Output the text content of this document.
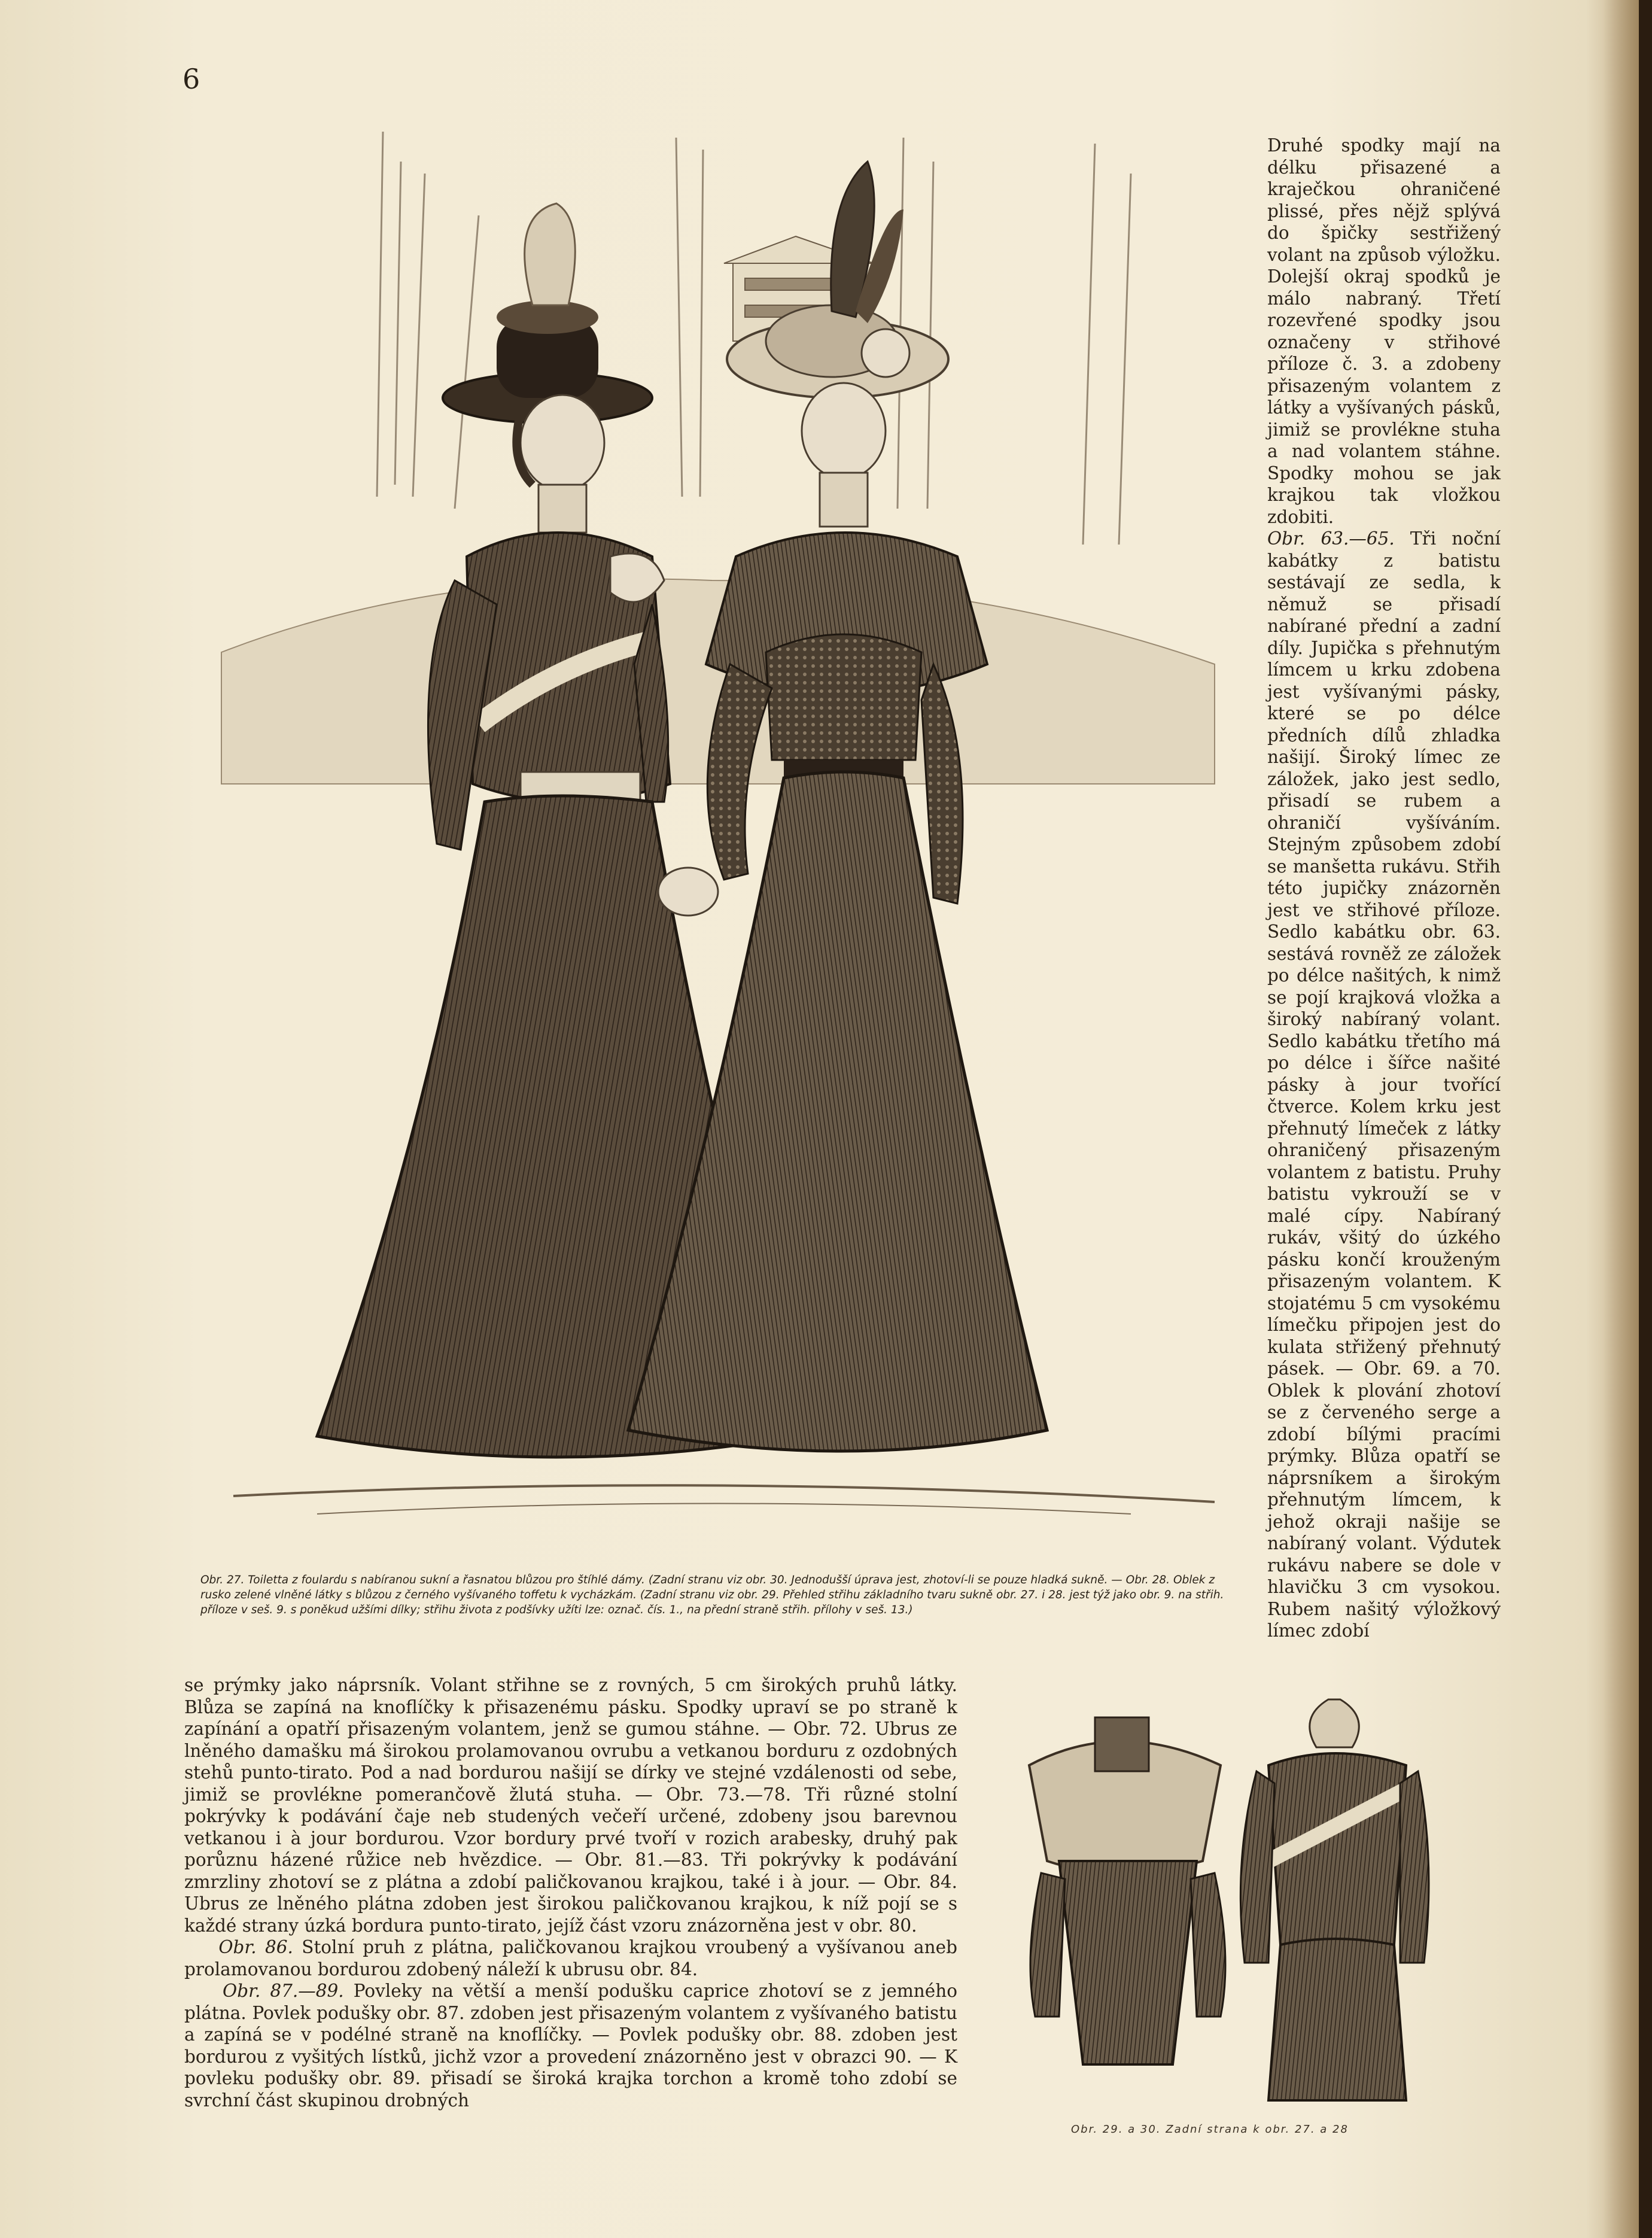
6
Obr. 27. Toiletta z foulardu s nabíranou sukní a řasnatou blůzou pro štíhlé dámy. (Zadní stranu viz obr. 30. Jednodušší úprava jest, zhotoví-li se pouze hladká sukně. — Obr. 28. Oblek z rusko zelené vlněné látky s blůzou z černého vyšívaného toffetu k vycházkám. (Zadní stranu viz obr. 29. Přehled střihu základního tvaru sukně obr. 27. i 28. jest týž jako obr. 9. na střih. příloze v seš. 9. s poněkud užšími dílky; střihu života z podšívky užíti lze: označ. čís. 1., na přední straně střih. přílohy v seš. 13.)

Druhé spodky mají na délku přisazené a kraječkou ohraničené plissé, přes nějž splývá do špičky sestřižený volant na způsob výložku. Dolejší okraj spodků je málo nabraný. Třetí rozevřené spodky jsou označeny v střihové příloze č. 3. a zdobeny přisazeným volantem z látky a vyšívaných pásků, jimiž se provlékne stuha a nad volantem stáhne. Spodky mohou se jak krajkou tak vložkou zdobiti.

Obr. 63.—65. Tři noční kabátky z batistu sestávají ze sedla, k němuž se přisadí nabírané přední a zadní díly. Jupička s přehnutým límcem u krku zdobena jest vyšívanými pásky, které se po délce předních dílů zhladka našijí. Široký límec ze záložek, jako jest sedlo, přisadí se rubem a ohraničí vyšíváním. Stejným způsobem zdobí se manšetta rukávu. Střih této jupičky znázorněn jest ve střihové příloze. Sedlo kabátku obr. 63. sestává rovněž ze záložek po délce našitých, k nimž se pojí krajková vložka a široký nabíraný volant. Sedlo kabátku třetího má po délce i šířce našité pásky à jour tvořící čtverce. Kolem krku jest přehnutý límeček z látky ohraničený přisazeným volantem z batistu. Pruhy batistu vykrouží se v malé cípy. Nabíraný rukáv, všitý do úzkého pásku končí krouženým přisazeným volantem. K stojatému 5 cm vysokému límečku připojen jest do kulata střižený přehnutý pásek. — Obr. 69. a 70. Oblek k plování zhotoví se z červeného serge a zdobí bílými pracími prýmky. Blůza opatří se náprsníkem a širokým přehnutým límcem, k jehož okraji našije se nabíraný volant. Výdutek rukávu nabere se dole v hlavičku 3 cm vysokou. Rubem našitý výložkový límec zdobí

se prýmky jako náprsník. Volant střihne se z rovných, 5 cm širokých pruhů látky. Blůza se zapíná na knoflíčky k přisazenému pásku. Spodky upraví se po straně k zapínání a opatří přisazeným volantem, jenž se gumou stáhne. — Obr. 72. Ubrus ze lněného damašku má širokou prolamovanou ovrubu a vetkanou borduru z ozdobných stehů punto-tirato. Pod a nad bordurou našijí se dírky ve stejné vzdálenosti od sebe, jimiž se provlékne pomerančově žlutá stuha. — Obr. 73.—78. Tři různé stolní pokrývky k podávání čaje neb studených večeří určené, zdobeny jsou barevnou vetkanou i à jour bordurou. Vzor bordury prvé tvoří v rozich arabesky, druhý pak porůznu házené růžice neb hvězdice. — Obr. 81.—83. Tři pokrývky k podávání zmrzliny zhotoví se z plátna a zdobí paličkovanou krajkou, také i à jour. — Obr. 84. Ubrus ze lněného plátna zdoben jest širokou paličkovanou krajkou, k níž pojí se s každé strany úzká bordura punto-tirato, jejíž část vzoru znázorněna jest v obr. 80.

Obr. 86. Stolní pruh z plátna, paličkovanou krajkou vroubený a vyšívanou aneb prolamovanou bordurou zdobený náleží k ubrusu obr. 84.

Obr. 87.—89. Povleky na větší a menší podušku caprice zhotoví se z jemného plátna. Povlek podušky obr. 87. zdoben jest přisazeným volantem z vyšívaného batistu a zapíná se v podélné straně na knoflíčky. — Povlek podušky obr. 88. zdoben jest bordurou z vyšitých lístků, jichž vzor a provedení znázorněno jest v obrazci 90. — K povleku podušky obr. 89. přisadí se široká krajka torchon a kromě toho zdobí se svrchní část skupinou drobných

Obr. 29. a 30. Zadní strana k obr. 27. a 28
